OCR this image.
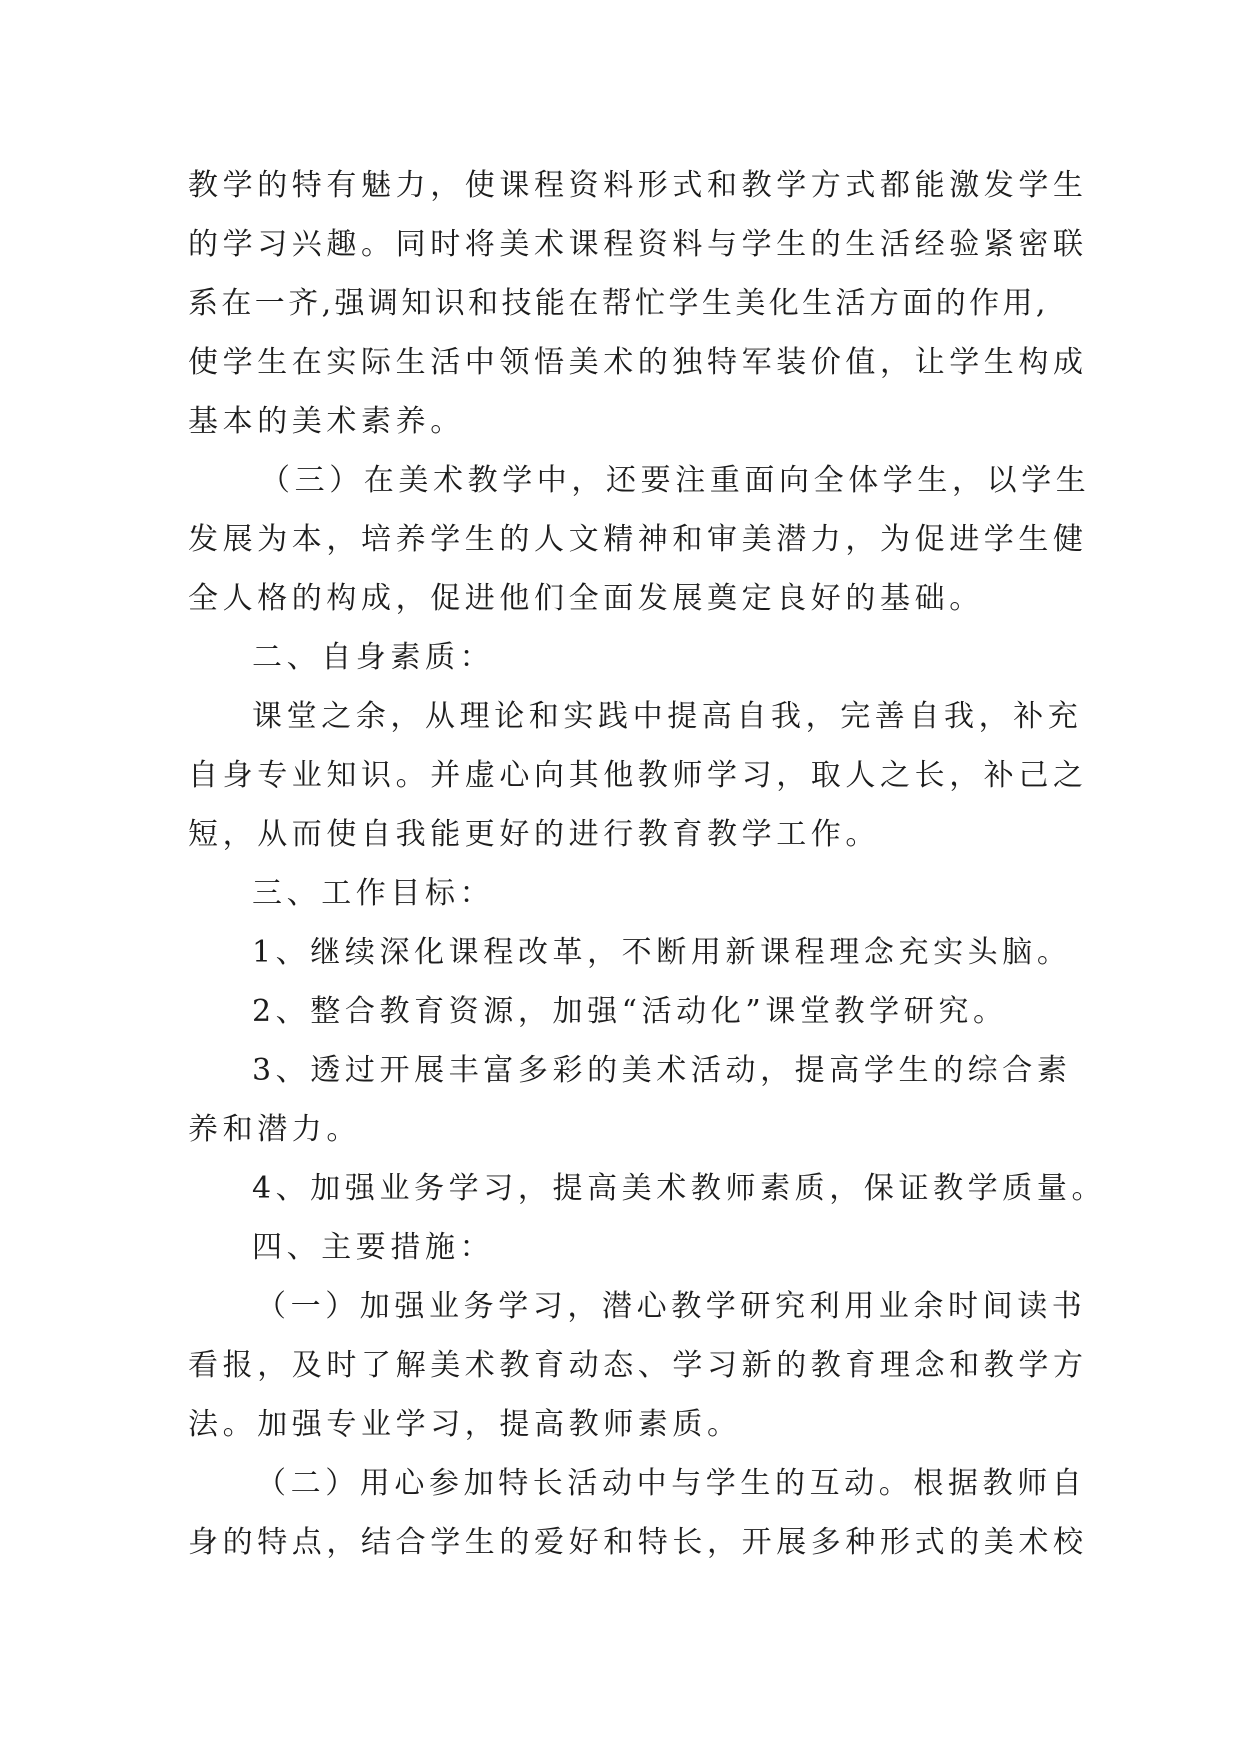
教学的特有魅力，使课程资料形式和教学方式都能激发学生
的学习兴趣。同时将美术课程资料与学生的生活经验紧密联
系在一齐,强调知识和技能在帮忙学生美化生活方面的作用,
使学生在实际生活中领悟美术的独特军装价值，让学生构成
基本的美术素养。
（三）在美术教学中，还要注重面向全体学生，以学生
发展为本，培养学生的人文精神和审美潜力，为促进学生健
全人格的构成，促进他们全面发展奠定良好的基础。
二、自身素质：
课堂之余，从理论和实践中提高自我，完善自我，补充
自身专业知识。并虚心向其他教师学习，取人之长，补己之
短，从而使自我能更好的进行教育教学工作。
三、工作目标：
1、继续深化课程改革，不断用新课程理念充实头脑。
2、整合教育资源，加强“活动化”课堂教学研究。
3、透过开展丰富多彩的美术活动，提高学生的综合素
养和潜力。
4、加强业务学习，提高美术教师素质，保证教学质量。
四、主要措施：
（一）加强业务学习，潜心教学研究利用业余时间读书
看报，及时了解美术教育动态、学习新的教育理念和教学方
法。加强专业学习，提高教师素质。
（二）用心参加特长活动中与学生的互动。根据教师自
身的特点，结合学生的爱好和特长，开展多种形式的美术校
